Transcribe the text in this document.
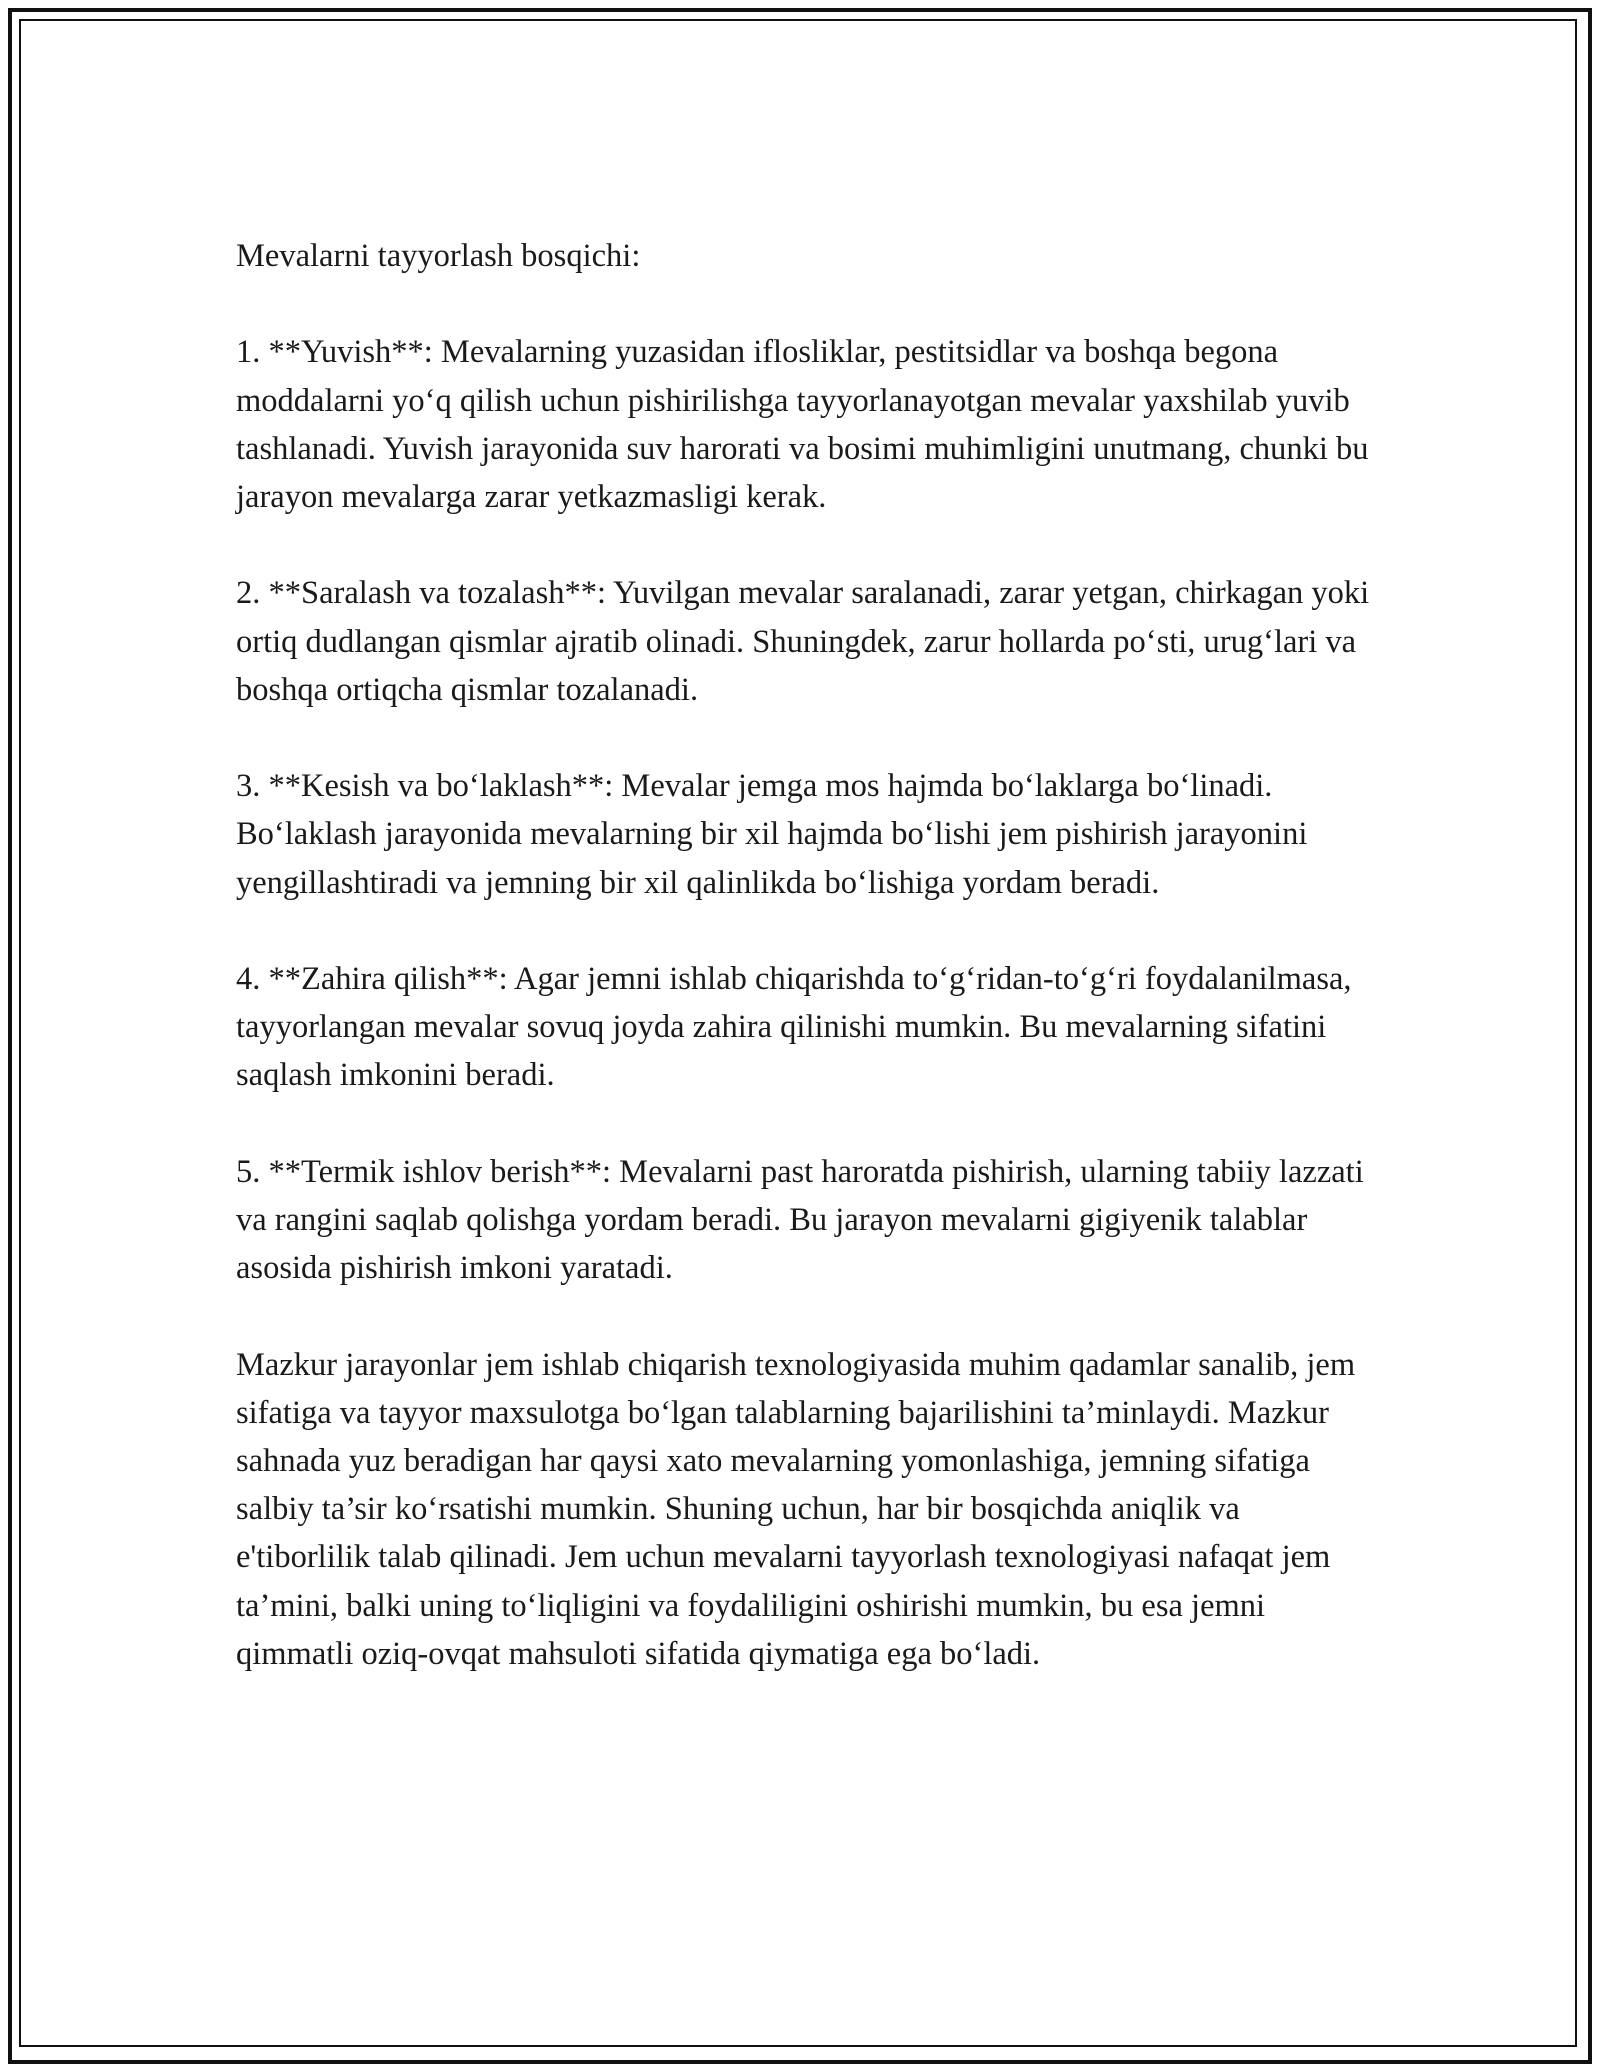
Mevalarni tayyorlash bosqichi:

1. **Yuvish**: Mevalarning yuzasidan iflosliklar, pestitsidlar va boshqa begona moddalarni yo‘q qilish uchun pishirilishga tayyorlanayotgan mevalar yaxshilab yuvib tashlanadi. Yuvish jarayonida suv harorati va bosimi muhimligini unutmang, chunki bu jarayon mevalarga zarar yetkazmasligi kerak.

2. **Saralash va tozalash**: Yuvilgan mevalar saralanadi, zarar yetgan, chirkagan yoki ortiq dudlangan qismlar ajratib olinadi. Shuningdek, zarur hollarda po‘sti, urug‘lari va boshqa ortiqcha qismlar tozalanadi.

3. **Kesish va bo‘laklash**: Mevalar jemga mos hajmda bo‘laklarga bo‘linadi. Bo‘laklash jarayonida mevalarning bir xil hajmda bo‘lishi jem pishirish jarayonini yengillashtiradi va jemning bir xil qalinlikda bo‘lishiga yordam beradi.

4. **Zahira qilish**: Agar jemni ishlab chiqarishda to‘g‘ridan-to‘g‘ri foydalanilmasa, tayyorlangan mevalar sovuq joyda zahira qilinishi mumkin. Bu mevalarning sifatini saqlash imkonini beradi.

5. **Termik ishlov berish**: Mevalarni past haroratda pishirish, ularning tabiiy lazzati va rangini saqlab qolishga yordam beradi. Bu jarayon mevalarni gigiyenik talablar asosida pishirish imkoni yaratadi.

Mazkur jarayonlar jem ishlab chiqarish texnologiyasida muhim qadamlar sanalib, jem sifatiga va tayyor maxsulotga bo‘lgan talablarning bajarilishini ta’minlaydi. Mazkur sahnada yuz beradigan har qaysi xato mevalarning yomonlashiga, jemning sifatiga salbiy ta’sir ko‘rsatishi mumkin. Shuning uchun, har bir bosqichda aniqlik va e'tiborlilik talab qilinadi. Jem uchun mevalarni tayyorlash texnologiyasi nafaqat jem ta’mini, balki uning to‘liqligini va foydaliligini oshirishi mumkin, bu esa jemni qimmatli oziq-ovqat mahsuloti sifatida qiymatiga ega bo‘ladi.
